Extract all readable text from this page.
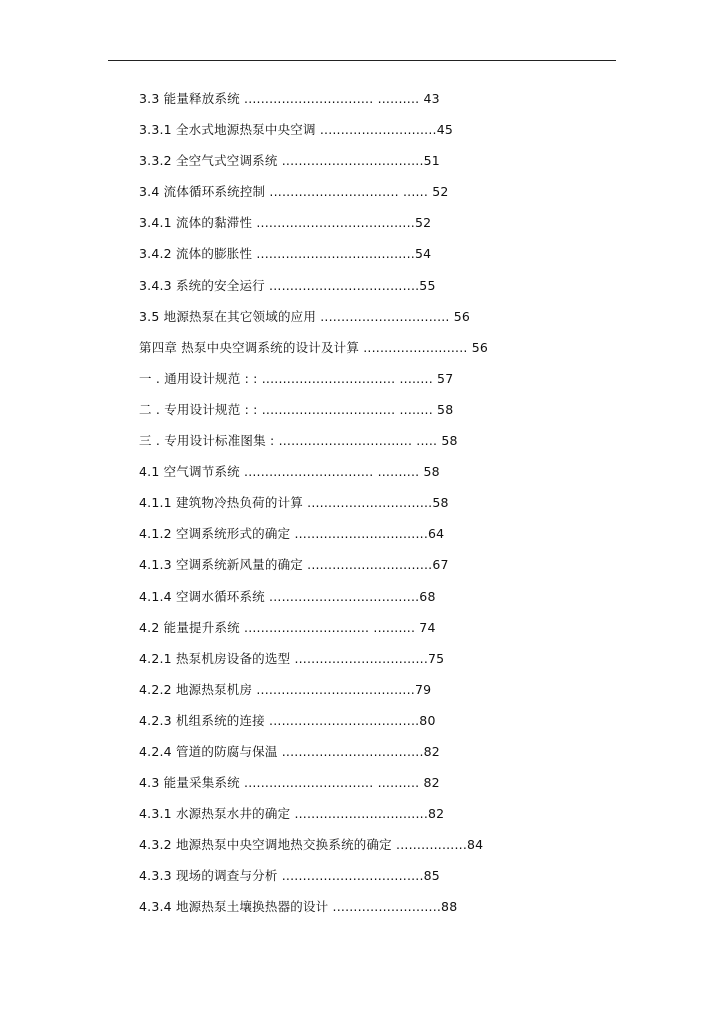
3.3 能量释放系统 ............................... .......... 43
3.3.1 全水式地源热泵中央空调 ............................45
3.3.2 全空气式空调系统 ..................................51
3.4 流体循环系统控制 ............................... ...... 52
3.4.1 流体的黏滞性 ......................................52
3.4.2 流体的膨胀性 ......................................54
3.4.3 系统的安全运行 ....................................55
3.5 地源热泵在其它领域的应用 ............................... 56
第四章 热泵中央空调系统的设计及计算 ......................... 56
一 . 通用设计规范 : : ................................ ........ 57
二 . 专用设计规范 : : ................................ ........ 58
三 . 专用设计标准图集 : ................................ ..... 58
4.1 空气调节系统 ............................... .......... 58
4.1.1 建筑物冷热负荷的计算 ..............................58
4.1.2 空调系统形式的确定 ................................64
4.1.3 空调系统新风量的确定 ..............................67
4.1.4 空调水循环系统 ....................................68
4.2 能量提升系统 .............................. .......... 74
4.2.1 热泵机房设备的选型 ................................75
4.2.2 地源热泵机房 ......................................79
4.2.3 机组系统的连接 ....................................80
4.2.4 管道的防腐与保温 ..................................82
4.3 能量采集系统 ............................... .......... 82
4.3.1 水源热泵水井的确定 ................................82
4.3.2 地源热泵中央空调地热交换系统的确定 .................84
4.3.3 现场的调查与分析 ..................................85
4.3.4 地源热泵土壤换热器的设计 ..........................88
